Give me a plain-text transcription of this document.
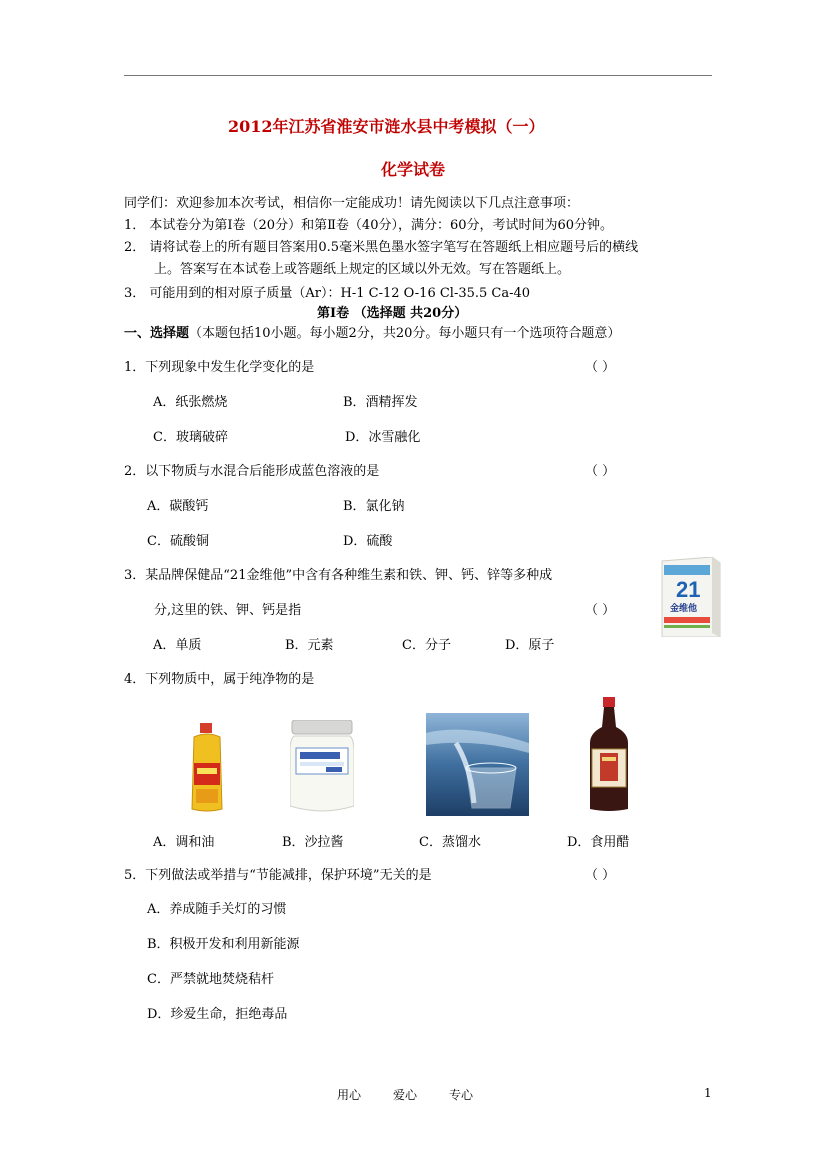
2012年江苏省淮安市涟水县中考模拟（一）
化学试卷
同学们：欢迎参加本次考试，相信你一定能成功！请先阅读以下几点注意事项：
1． 本试卷分为第Ⅰ卷（20分）和第Ⅱ卷（40分），满分：60分，考试时间为60分钟。
2． 请将试卷上的所有题目答案用0.5毫米黑色墨水签字笔写在答题纸上相应题号后的横线
上。答案写在本试卷上或答题纸上规定的区域以外无效。写在答题纸上。
3． 可能用到的相对原子质量（Ar）：H-1 C-12 O-16 Cl-35.5 Ca-40
第Ⅰ卷 （选择题 共20分）
一、选择题（本题包括10小题。每小题2分，共20分。每小题只有一个选项符合题意）
1．下列现象中发生化学变化的是	（ ）
A．纸张燃烧	B．酒精挥发
C．玻璃破碎	D．冰雪融化
2．以下物质与水混合后能形成蓝色溶液的是	（ ）
A．碳酸钙	B．氯化钠
C．硫酸铜	D．硫酸
3．某品牌保健品“21金维他”中含有各种维生素和铁、钾、钙、锌等多种成
分,这里的铁、钾、钙是指	（ ）
A．单质	B．元素	C．分子	D．原子
21
金维他
4．下列物质中，属于纯净物的是
A．调和油	B．沙拉酱	C．蒸馏水	D．食用醋
5．下列做法或举措与“节能减排，保护环境”无关的是	（ ）
A．养成随手关灯的习惯
B．积极开发和利用新能源
C．严禁就地焚烧秸杆
D．珍爱生命，拒绝毒品
用心	爱心	专心	1
